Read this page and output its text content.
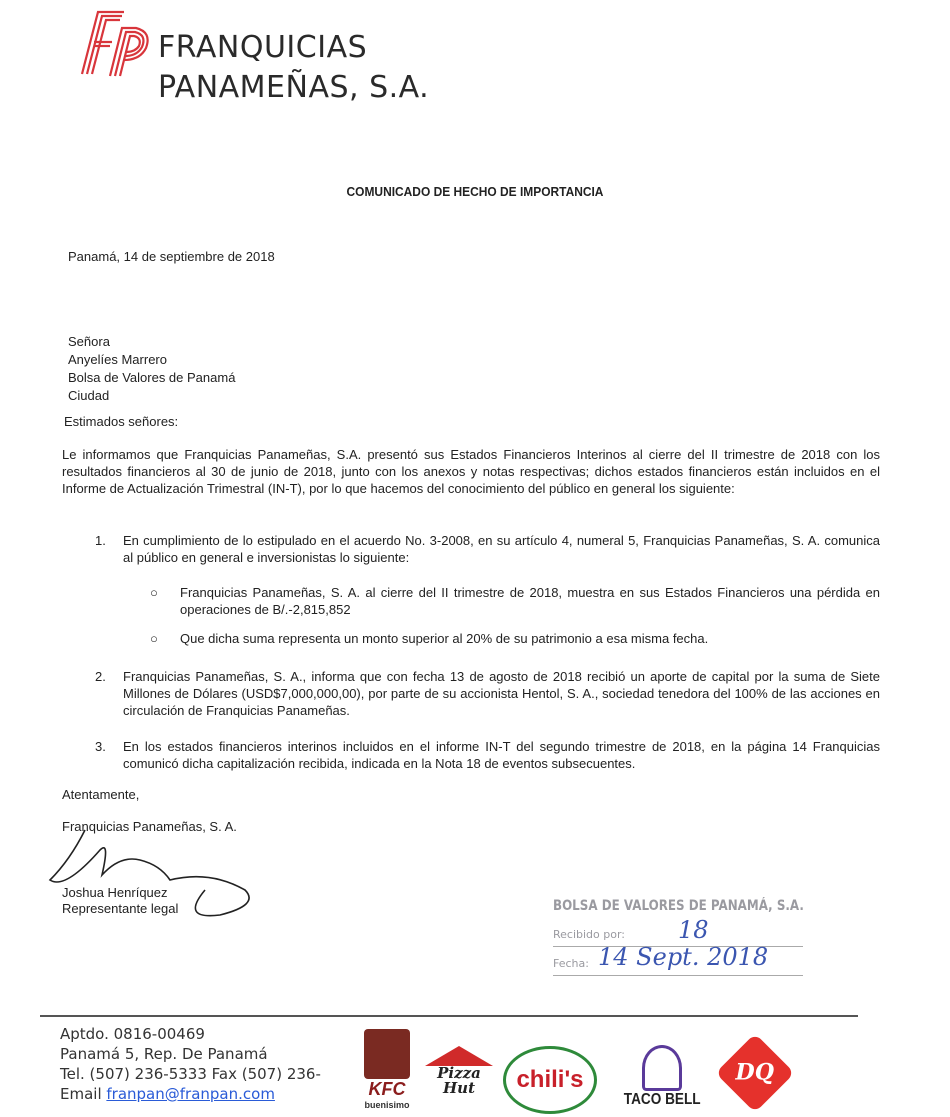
FRANQUICIAS
PANAMEÑAS, S.A.
COMUNICADO DE HECHO DE IMPORTANCIA
Panamá, 14 de septiembre de 2018
Señora
Anyelíes Marrero
Bolsa de Valores de Panamá
Ciudad
Estimados señores:
Le informamos que Franquicias Panameñas, S.A. presentó sus Estados Financieros Interinos al cierre del II trimestre de 2018 con los resultados financieros al 30 de junio de 2018, junto con los anexos y notas respectivas; dichos estados financieros están incluidos en el Informe de Actualización Trimestral (IN-T), por lo que hacemos del conocimiento del público en general los siguiente:
1. En cumplimiento de lo estipulado en el acuerdo No. 3-2008, en su artículo 4, numeral 5, Franquicias Panameñas, S. A. comunica al público en general e inversionistas lo siguiente:
○ Franquicias Panameñas, S. A. al cierre del II trimestre de 2018, muestra en sus Estados Financieros una pérdida en operaciones de B/.-2,815,852
○ Que dicha suma representa un monto superior al 20% de su patrimonio a esa misma fecha.
2. Franquicias Panameñas, S. A., informa que con fecha 13 de agosto de 2018 recibió un aporte de capital por la suma de Siete Millones de Dólares (USD$7,000,000,00), por parte de su accionista Hentol, S. A., sociedad tenedora del 100% de las acciones en circulación de Franquicias Panameñas.
3. En los estados financieros interinos incluidos en el informe IN-T del segundo trimestre de 2018, en la página 14 Franquicias comunicó dicha capitalización recibida, indicada en la Nota 18 de eventos subsecuentes.
Atentamente,
Franquicias Panameñas, S. A.
Joshua Henríquez
Representante legal	BOLSA DE VALORES DE PANAMÁ, S.A.
Recibido por: 18
Fecha: 14 Sept. 2018
Aptdo. 0816-00469
Panamá 5, Rep. De Panamá
Tel. (507) 236-5333 Fax (507) 236-
Email franpan@franpan.com	KFC
buenisimo
Pizza Hut	chili's
TACO BELL
DQ
